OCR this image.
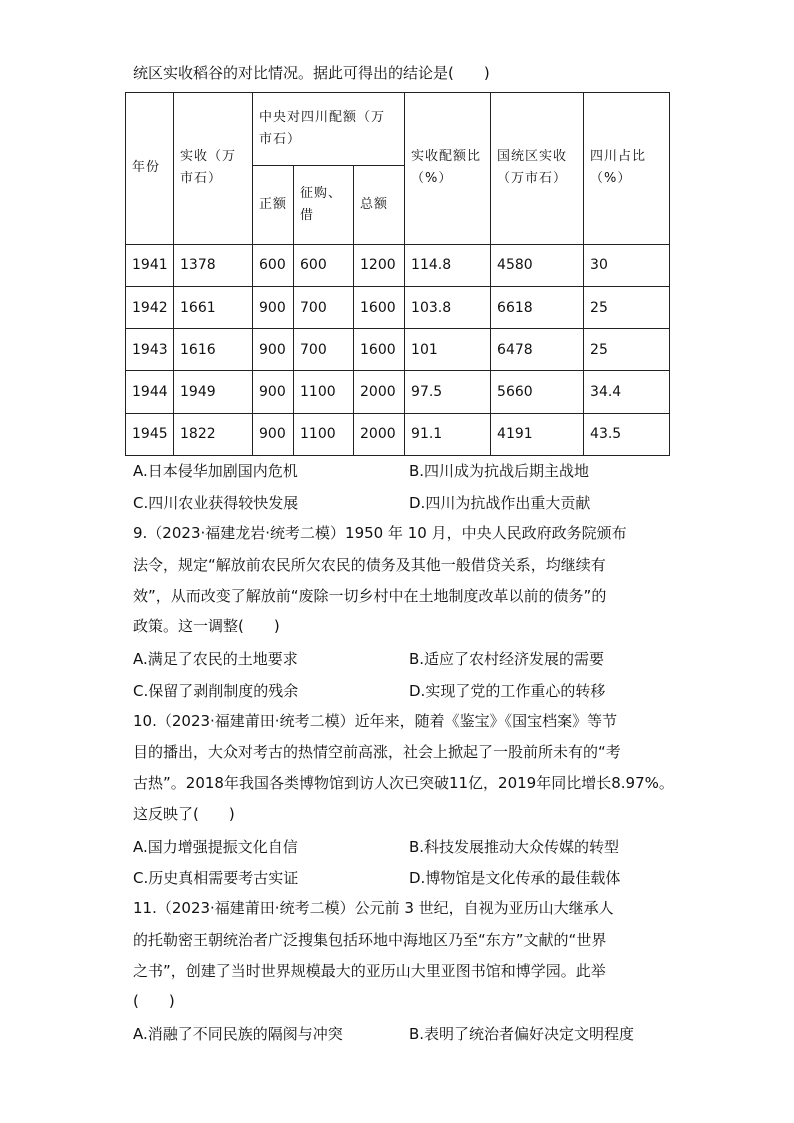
统区实收稻谷的对比情况。据此可得出的结论是(　　)
年份	实收（万市石）	中央对四川配额（万市石）			实收配额比（%）	国统区实收（万市石）	四川占比（%）
		正额	征购、借	总额			
1941	1378	600	600	1200	114.8	4580	30
1942	1661	900	700	1600	103.8	6618	25
1943	1616	900	700	1600	101	6478	25
1944	1949	900	1100	2000	97.5	5660	34.4
1945	1822	900	1100	2000	91.1	4191	43.5
A.日本侵华加剧国内危机	B.四川成为抗战后期主战地
C.四川农业获得较快发展	D.四川为抗战作出重大贡献
9.（2023·福建龙岩·统考二模）1950 年 10 月，中央人民政府政务院颁布
法令，规定“解放前农民所欠农民的债务及其他一般借贷关系，均继续有
效”，从而改变了解放前“废除一切乡村中在土地制度改革以前的债务”的
政策。这一调整(　　)
A.满足了农民的土地要求	B.适应了农村经济发展的需要
C.保留了剥削制度的残余	D.实现了党的工作重心的转移
10.（2023·福建莆田·统考二模）近年来，随着《鉴宝》《国宝档案》等节
目的播出，大众对考古的热情空前高涨，社会上掀起了一股前所未有的“考
古热”。2018年我国各类博物馆到访人次已突破11亿，2019年同比增长8.97%。
这反映了(　　)
A.国力增强提振文化自信	B.科技发展推动大众传媒的转型
C.历史真相需要考古实证	D.博物馆是文化传承的最佳载体
11.（2023·福建莆田·统考二模）公元前 3 世纪，自视为亚历山大继承人
的托勒密王朝统治者广泛搜集包括环地中海地区乃至“东方”文献的“世界
之书”，创建了当时世界规模最大的亚历山大里亚图书馆和博学园。此举
(　　)
A.消融了不同民族的隔阂与冲突	B.表明了统治者偏好决定文明程度
